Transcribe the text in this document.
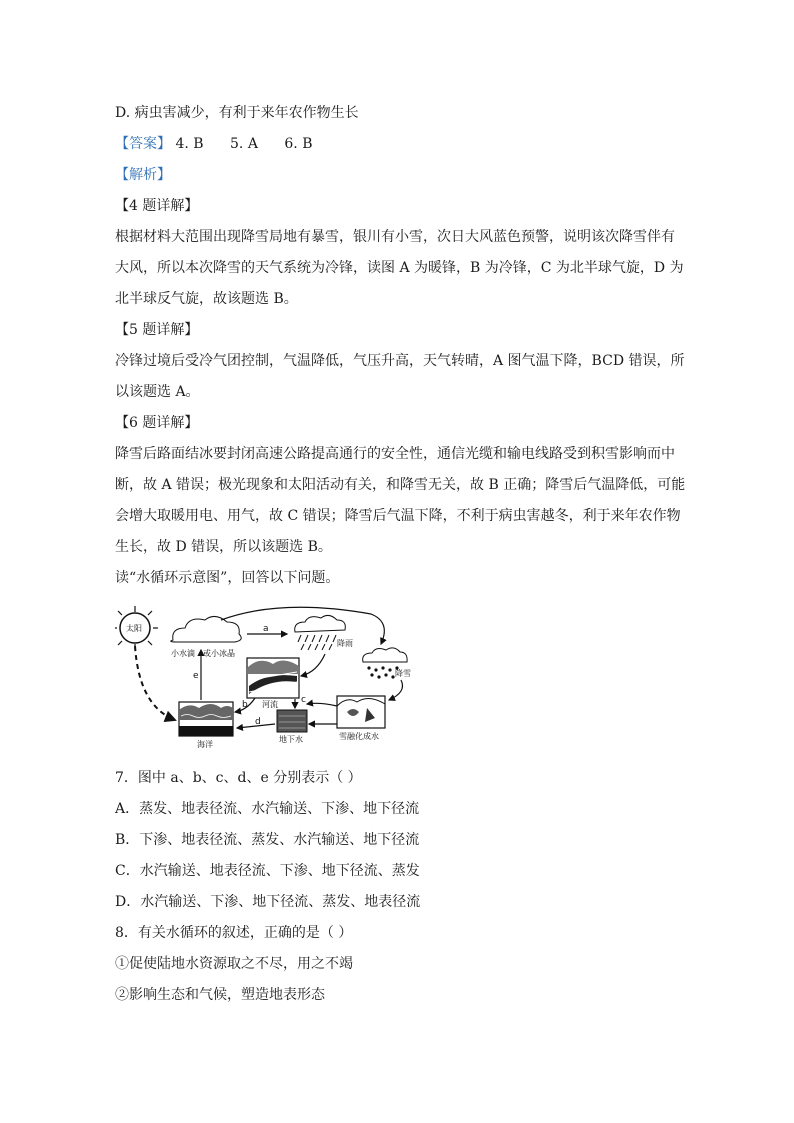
D. 病虫害减少，有利于来年农作物生长
【答案】 4. B 5. A 6. B
【解析】
【4 题详解】
根据材料大范围出现降雪局地有暴雪，银川有小雪，次日大风蓝色预警，说明该次降雪伴有
大风，所以本次降雪的天气系统为冷锋，读图 A 为暖锋，B 为冷锋，C 为北半球气旋，D 为
北半球反气旋，故该题选 B。
【5 题详解】
冷锋过境后受冷气团控制，气温降低，气压升高，天气转晴，A 图气温下降，BCD 错误，所
以该题选 A。
【6 题详解】
降雪后路面结冰要封闭高速公路提高通行的安全性，通信光缆和输电线路受到积雪影响而中
断，故 A 错误；极光现象和太阳活动有关，和降雪无关，故 B 正确；降雪后气温降低，可能
会增大取暖用电、用气，故 C 错误；降雪后气温下降，不利于病虫害越冬，利于来年农作物
生长，故 D 错误，所以该题选 B。
读“水循环示意图”，回答以下问题。
太阳
小水滴 或小冰晶
降雨
降雪
河流
雪融化成水
地下水
海洋
a
b	c
d
e
7．图中 a、b、c、d、e 分别表示（ ）
A．蒸发、地表径流、水汽输送、下渗、地下径流
B．下渗、地表径流、蒸发、水汽输送、地下径流
C．水汽输送、地表径流、下渗、地下径流、蒸发
D．水汽输送、下渗、地下径流、蒸发、地表径流
8．有关水循环的叙述，正确的是（ ）
①促使陆地水资源取之不尽，用之不竭
②影响生态和气候，塑造地表形态
